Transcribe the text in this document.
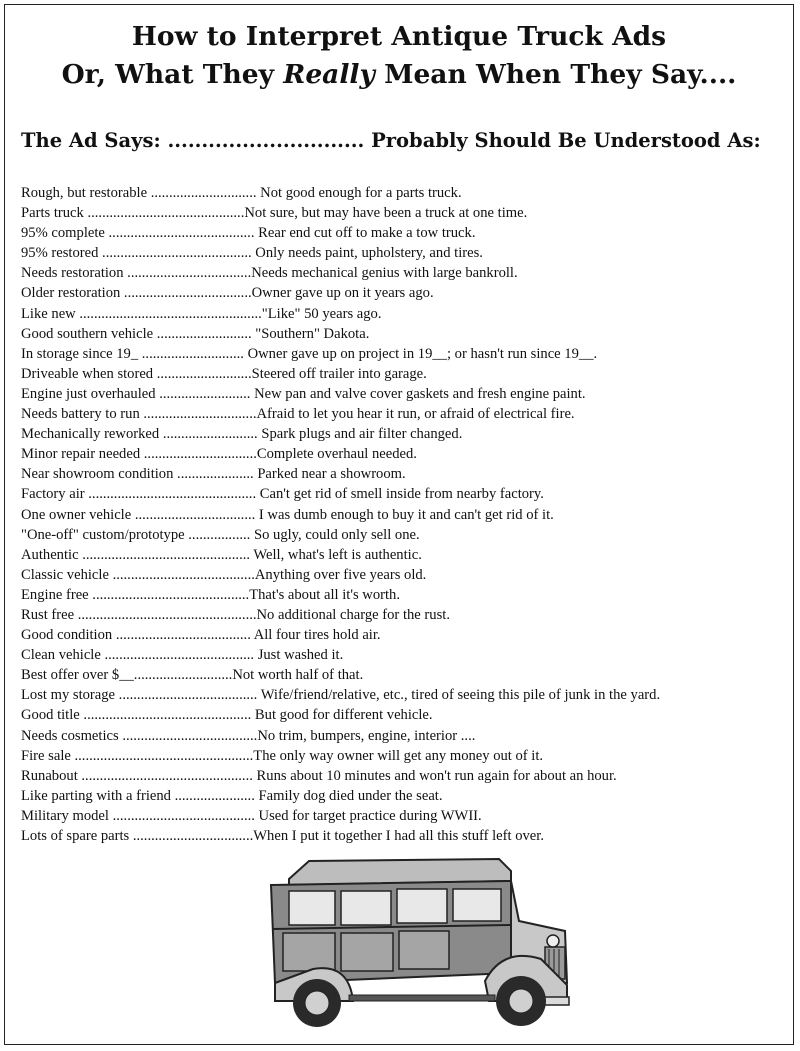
How to Interpret Antique Truck Ads
Or, What They Really Mean When They Say....
The Ad Says: ............................. Probably Should Be Understood As:
Rough, but restorable ............................. Not good enough for a parts truck.
Parts truck ...........................................Not sure, but may have been a truck at one time.
95% complete ........................................ Rear end cut off to make a tow truck.
95% restored ......................................... Only needs paint, upholstery, and tires.
Needs restoration ..................................Needs mechanical genius with large bankroll.
Older restoration ...................................Owner gave up on it years ago.
Like new .................................................."Like" 50 years ago.
Good southern vehicle .......................... "Southern" Dakota.
In storage since 19_ ............................ Owner gave up on project in 19__; or hasn't run since 19__.
Driveable when stored ..........................Steered off trailer into garage.
Engine just overhauled ......................... New pan and valve cover gaskets and fresh engine paint.
Needs battery to run ...............................Afraid to let you hear it run, or afraid of electrical fire.
Mechanically reworked .......................... Spark plugs and air filter changed.
Minor repair needed ...............................Complete overhaul needed.
Near showroom condition ..................... Parked near a showroom.
Factory air .............................................. Can't get rid of smell inside from nearby factory.
One owner vehicle ................................. I was dumb enough to buy it and can't get rid of it.
"One-off" custom/prototype ................. So ugly, could only sell one.
Authentic .............................................. Well, what's left is authentic.
Classic vehicle .......................................Anything over five years old.
Engine free ...........................................That's about all it's worth.
Rust free .................................................No additional charge for the rust.
Good condition ..................................... All four tires hold air.
Clean vehicle ......................................... Just washed it.
Best offer over $__...........................Not worth half of that.
Lost my storage ...................................... Wife/friend/relative, etc., tired of seeing this pile of junk in the yard.
Good title .............................................. But good for different vehicle.
Needs cosmetics .....................................No trim, bumpers, engine, interior ....
Fire sale .................................................The only way owner will get any money out of it.
Runabout ............................................... Runs about 10 minutes and won't run again for about an hour.
Like parting with a friend ...................... Family dog died under the seat.
Military model ....................................... Used for target practice during WWII.
Lots of spare parts .................................When I put it together I had all this stuff left over.
